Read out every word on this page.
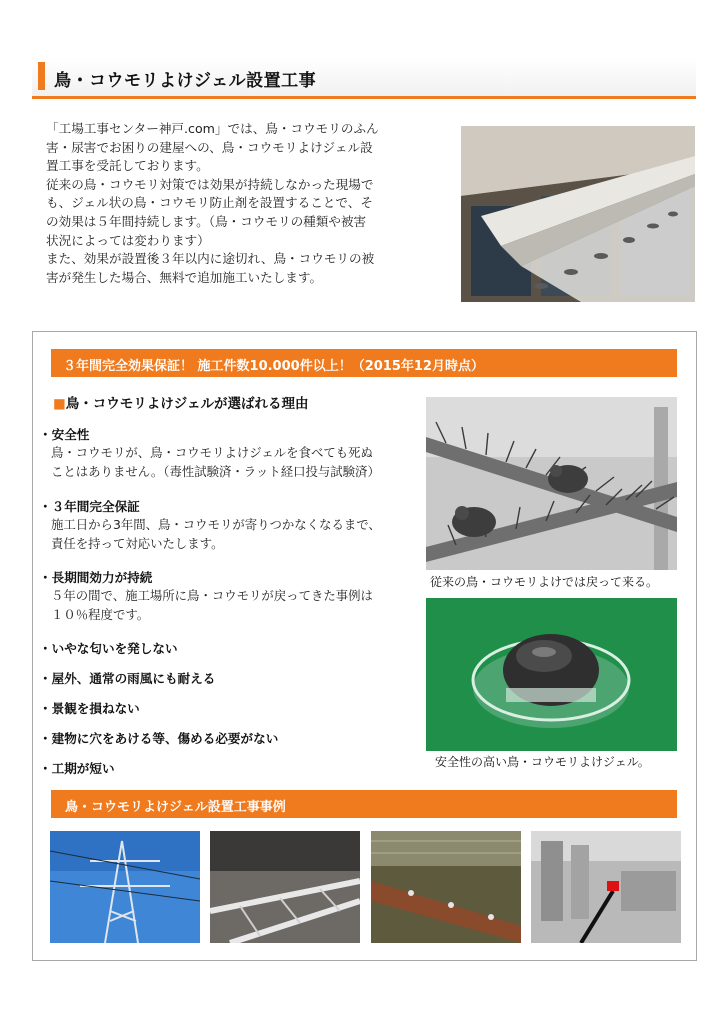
鳥・コウモリよけジェル設置工事

「工場工事センター神戸.com」では、鳥・コウモリのふん

害・尿害でお困りの建屋への、鳥・コウモリよけジェル設

置工事を受託しております。

従来の鳥・コウモリ対策では効果が持続しなかった現場で

も、ジェル状の鳥・コウモリ防止剤を設置することで、そ

の効果は５年間持続します。（鳥・コウモリの種類や被害

状況によっては変わります）

また、効果が設置後３年以内に途切れ、鳥・コウモリの被

害が発生した場合、無料で追加施工いたします。

３年間完全効果保証！ 施工件数10.000件以上！（2015年12月時点）
■鳥・コウモリよけジェルが選ばれる理由
・安全性
鳥・コウモリが、鳥・コウモリよけジェルを食べても死ぬ
ことはありません。（毒性試験済・ラット経口投与試験済）
・３年間完全保証
施工日から3年間、鳥・コウモリが寄りつかなくなるまで、
責任を持って対応いたします。
・長期間効力が持続
５年の間で、施工場所に鳥・コウモリが戻ってきた事例は
１０％程度です。
・いやな匂いを発しない
・屋外、通常の雨風にも耐える
・景観を損ねない
・建物に穴をあける等、傷める必要がない
・工期が短い
従来の鳥・コウモリよけでは戻って来る。
安全性の高い鳥・コウモリよけジェル。
鳥・コウモリよけジェル設置工事事例
